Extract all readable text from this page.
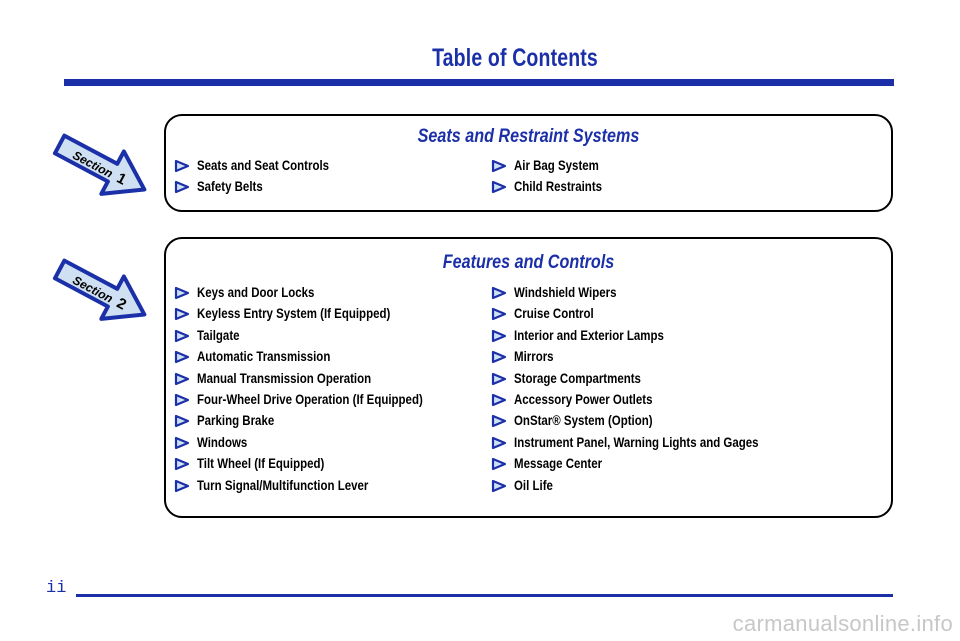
Table of Contents
Section 1
Seats and Restraint Systems
Seats and Seat Controls
Safety Belts
Air Bag System
Child Restraints
Section 2
Features and Controls
Keys and Door Locks
Keyless Entry System (If Equipped)
Tailgate
Automatic Transmission
Manual Transmission Operation
Four-Wheel Drive Operation (If Equipped)
Parking Brake
Windows
Tilt Wheel (If Equipped)
Turn Signal/Multifunction Lever
Windshield Wipers
Cruise Control
Interior and Exterior Lamps
Mirrors
Storage Compartments
Accessory Power Outlets
OnStar® System (Option)
Instrument Panel, Warning Lights and Gages
Message Center
Oil Life
ii
carmanualsonline.info
